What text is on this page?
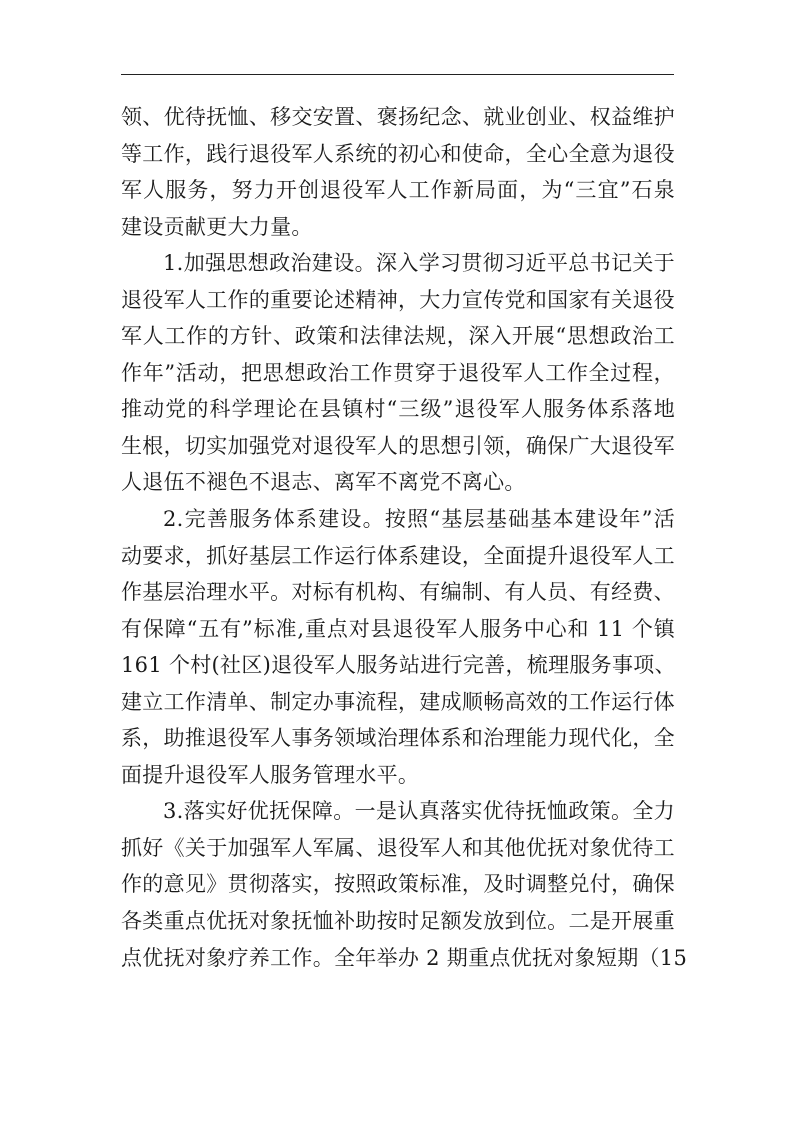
领、优待抚恤、移交安置、褒扬纪念、就业创业、权益维护
等工作，践行退役军人系统的初心和使命，全心全意为退役
军人服务，努力开创退役军人工作新局面，为“三宜”石泉
建设贡献更大力量。
1.加强思想政治建设。深入学习贯彻习近平总书记关于
退役军人工作的重要论述精神，大力宣传党和国家有关退役
军人工作的方针、政策和法律法规，深入开展“思想政治工
作年”活动，把思想政治工作贯穿于退役军人工作全过程，
推动党的科学理论在县镇村“三级”退役军人服务体系落地
生根，切实加强党对退役军人的思想引领，确保广大退役军
人退伍不褪色不退志、离军不离党不离心。
2.完善服务体系建设。按照“基层基础基本建设年”活
动要求，抓好基层工作运行体系建设，全面提升退役军人工
作基层治理水平。对标有机构、有编制、有人员、有经费、
有保障“五有”标准,重点对县退役军人服务中心和 11 个镇
161 个村(社区)退役军人服务站进行完善，梳理服务事项、
建立工作清单、制定办事流程，建成顺畅高效的工作运行体
系，助推退役军人事务领域治理体系和治理能力现代化，全
面提升退役军人服务管理水平。
3.落实好优抚保障。一是认真落实优待抚恤政策。全力
抓好《关于加强军人军属、退役军人和其他优抚对象优待工
作的意见》贯彻落实，按照政策标准，及时调整兑付，确保
各类重点优抚对象抚恤补助按时足额发放到位。二是开展重
点优抚对象疗养工作。全年举办 2 期重点优抚对象短期（15
